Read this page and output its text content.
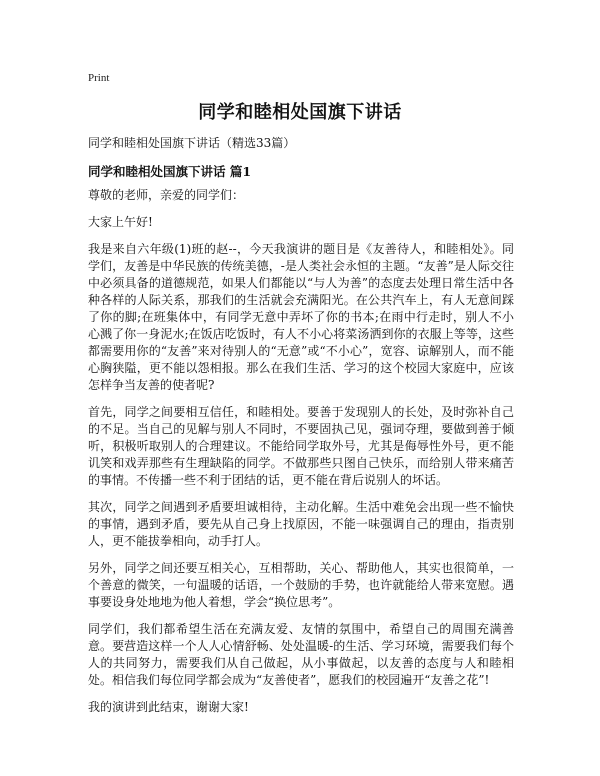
Print
同学和睦相处国旗下讲话
同学和睦相处国旗下讲话（精选33篇）
同学和睦相处国旗下讲话 篇1

尊敬的老师，亲爱的同学们：

大家上午好!

我是来自六年级(1)班的赵--，今天我演讲的题目是《友善待人，和睦相处》。同学们，友善是中华民族的传统美德，-是人类社会永恒的主题。“友善”是人际交往中必须具备的道德规范，如果人们都能以“与人为善”的态度去处理日常生活中各种各样的人际关系，那我们的生活就会充满阳光。在公共汽车上，有人无意间踩了你的脚;在班集体中，有同学无意中弄坏了你的书本;在雨中行走时，别人不小心溅了你一身泥水;在饭店吃饭时，有人不小心将菜汤洒到你的衣服上等等，这些都需要用你的“友善”来对待别人的“无意”或“不小心”，宽容、谅解别人，而不能心胸狭隘，更不能以怨相报。那么在我们生活、学习的这个校园大家庭中，应该怎样争当友善的使者呢?

首先，同学之间要相互信任，和睦相处。要善于发现别人的长处，及时弥补自己的不足。当自己的见解与别人不同时，不要固执己见，强词夺理，要做到善于倾听，积极听取别人的合理建议。不能给同学取外号，尤其是侮辱性外号，更不能讥笑和戏弄那些有生理缺陷的同学。不做那些只图自己快乐，而给别人带来痛苦的事情。不传播一些不利于团结的话，更不能在背后说别人的坏话。

其次，同学之间遇到矛盾要坦诚相待，主动化解。生活中难免会出现一些不愉快的事情，遇到矛盾，要先从自己身上找原因，不能一味强调自己的理由，指责别人，更不能拔拳相向，动手打人。

另外，同学之间还要互相关心，互相帮助，关心、帮助他人，其实也很简单，一个善意的微笑，一句温暖的话语，一个鼓励的手势，也许就能给人带来宽慰。遇事要设身处地地为他人着想，学会“换位思考”。

同学们，我们都希望生活在充满友爱、友情的氛围中，希望自己的周围充满善意。要营造这样一个人人心情舒畅、处处温暖-的生活、学习环境，需要我们每个人的共同努力，需要我们从自己做起，从小事做起，以友善的态度与人和睦相处。相信我们每位同学都会成为“友善使者”，愿我们的校园遍开“友善之花”!

我的演讲到此结束，谢谢大家!
